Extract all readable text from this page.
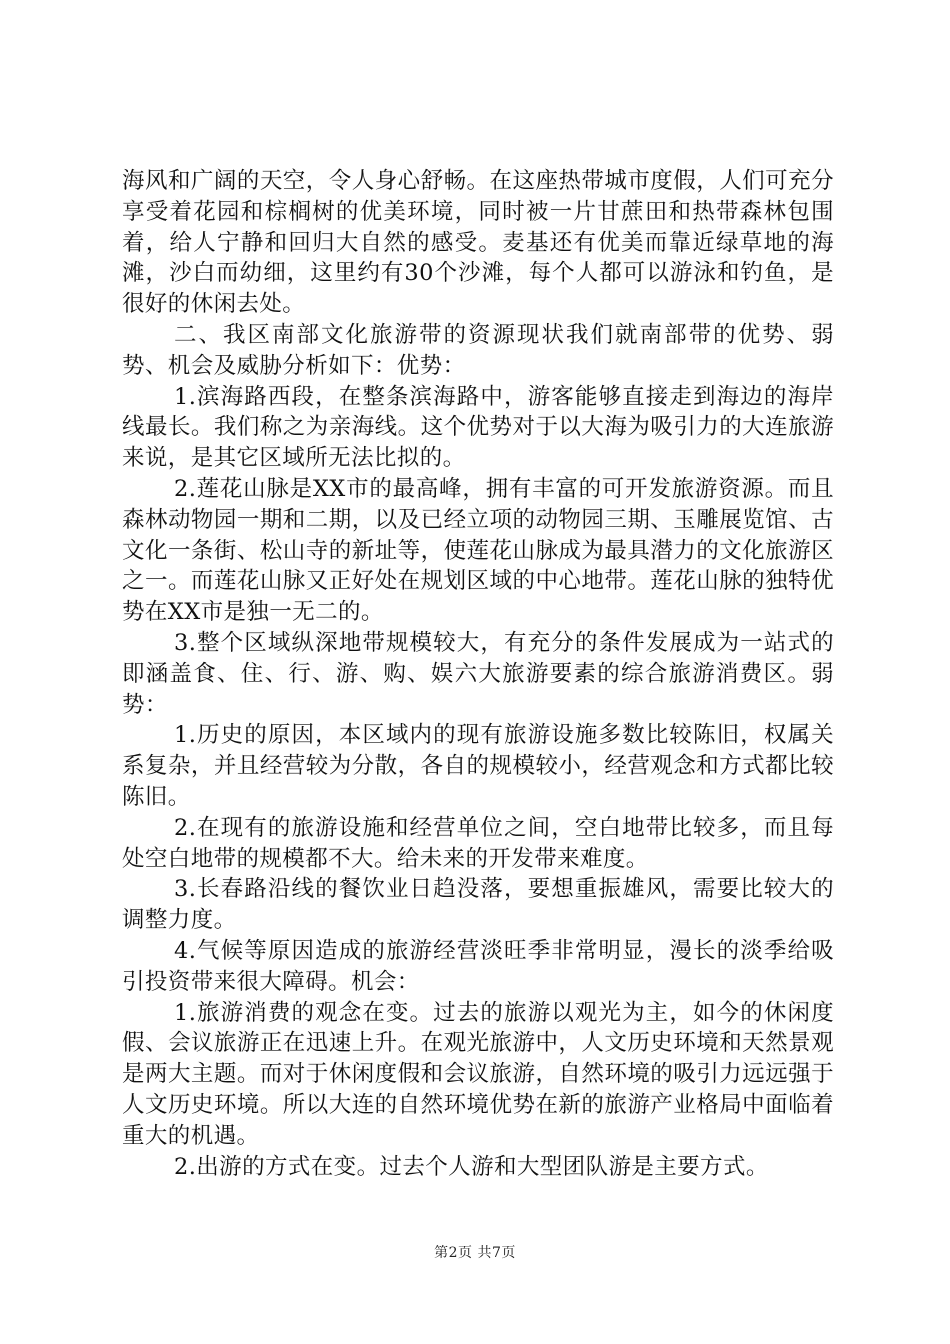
海风和广阔的天空，令人身心舒畅。在这座热带城市度假，人们可充分享受着花园和棕榈树的优美环境，同时被一片甘蔗田和热带森林包围着，给人宁静和回归大自然的感受。麦基还有优美而靠近绿草地的海滩，沙白而幼细，这里约有30个沙滩，每个人都可以游泳和钓鱼，是很好的休闲去处。

二、我区南部文化旅游带的资源现状我们就南部带的优势、弱势、机会及威胁分析如下：优势：

1.滨海路西段，在整条滨海路中，游客能够直接走到海边的海岸线最长。我们称之为亲海线。这个优势对于以大海为吸引力的大连旅游来说，是其它区域所无法比拟的。

2.莲花山脉是XX市的最高峰，拥有丰富的可开发旅游资源。而且森林动物园一期和二期，以及已经立项的动物园三期、玉雕展览馆、古文化一条街、松山寺的新址等，使莲花山脉成为最具潜力的文化旅游区之一。而莲花山脉又正好处在规划区域的中心地带。莲花山脉的独特优势在XX市是独一无二的。

3.整个区域纵深地带规模较大，有充分的条件发展成为一站式的即涵盖食、住、行、游、购、娱六大旅游要素的综合旅游消费区。弱势：

1.历史的原因，本区域内的现有旅游设施多数比较陈旧，权属关系复杂，并且经营较为分散，各自的规模较小，经营观念和方式都比较陈旧。

2.在现有的旅游设施和经营单位之间，空白地带比较多，而且每处空白地带的规模都不大。给未来的开发带来难度。

3.长春路沿线的餐饮业日趋没落，要想重振雄风，需要比较大的调整力度。

4.气候等原因造成的旅游经营淡旺季非常明显，漫长的淡季给吸引投资带来很大障碍。机会：

1.旅游消费的观念在变。过去的旅游以观光为主，如今的休闲度假、会议旅游正在迅速上升。在观光旅游中，人文历史环境和天然景观是两大主题。而对于休闲度假和会议旅游，自然环境的吸引力远远强于人文历史环境。所以大连的自然环境优势在新的旅游产业格局中面临着重大的机遇。

2.出游的方式在变。过去个人游和大型团队游是主要方式。

第2页 共7页
